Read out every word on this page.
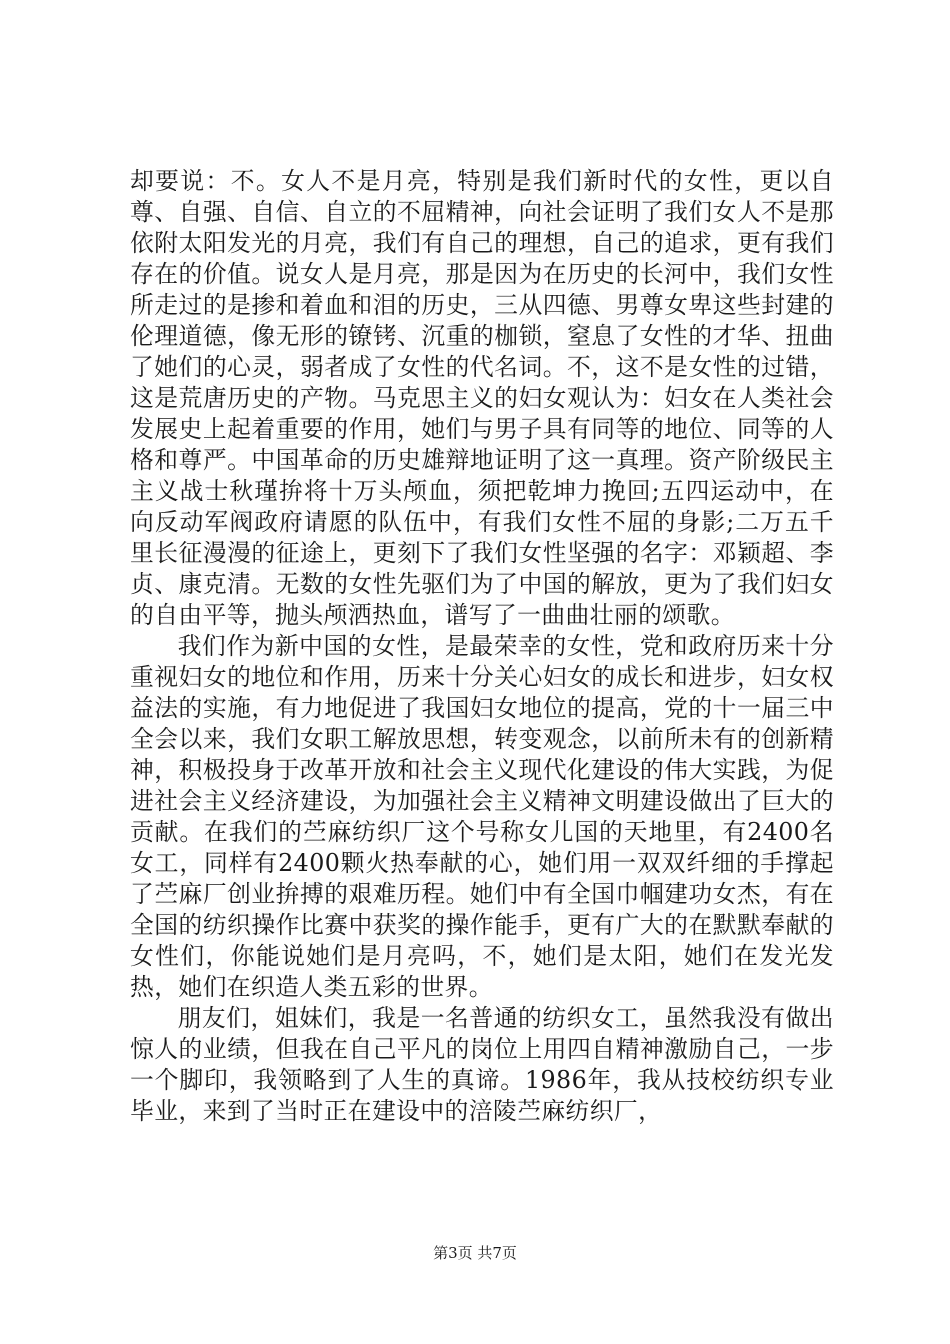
却要说：不。女人不是月亮，特别是我们新时代的女性，更以自尊、自强、自信、自立的不屈精神，向社会证明了我们女人不是那依附太阳发光的月亮，我们有自己的理想，自己的追求，更有我们存在的价值。说女人是月亮，那是因为在历史的长河中，我们女性所走过的是掺和着血和泪的历史，三从四德、男尊女卑这些封建的伦理道德，像无形的镣铐、沉重的枷锁，窒息了女性的才华、扭曲了她们的心灵，弱者成了女性的代名词。不，这不是女性的过错，这是荒唐历史的产物。马克思主义的妇女观认为：妇女在人类社会发展史上起着重要的作用，她们与男子具有同等的地位、同等的人格和尊严。中国革命的历史雄辩地证明了这一真理。资产阶级民主主义战士秋瑾拚将十万头颅血，须把乾坤力挽回;五四运动中，在向反动军阀政府请愿的队伍中，有我们女性不屈的身影;二万五千里长征漫漫的征途上，更刻下了我们女性坚强的名字：邓颖超、李贞、康克清。无数的女性先驱们为了中国的解放，更为了我们妇女的自由平等，抛头颅洒热血，谱写了一曲曲壮丽的颂歌。

我们作为新中国的女性，是最荣幸的女性，党和政府历来十分重视妇女的地位和作用，历来十分关心妇女的成长和进步，妇女权益法的实施，有力地促进了我国妇女地位的提高，党的十一届三中全会以来，我们女职工解放思想，转变观念，以前所未有的创新精神，积极投身于改革开放和社会主义现代化建设的伟大实践，为促进社会主义经济建设，为加强社会主义精神文明建设做出了巨大的贡献。在我们的苎麻纺织厂这个号称女儿国的天地里，有2400名女工，同样有2400颗火热奉献的心，她们用一双双纤细的手撑起了苎麻厂创业拚搏的艰难历程。她们中有全国巾帼建功女杰，有在全国的纺织操作比赛中获奖的操作能手，更有广大的在默默奉献的女性们，你能说她们是月亮吗，不，她们是太阳，她们在发光发热，她们在织造人类五彩的世界。

朋友们，姐妹们，我是一名普通的纺织女工，虽然我没有做出惊人的业绩，但我在自己平凡的岗位上用四自精神激励自己，一步一个脚印，我领略到了人生的真谛。1986年，我从技校纺织专业毕业，来到了当时正在建设中的涪陵苎麻纺织厂，

第3页 共7页
